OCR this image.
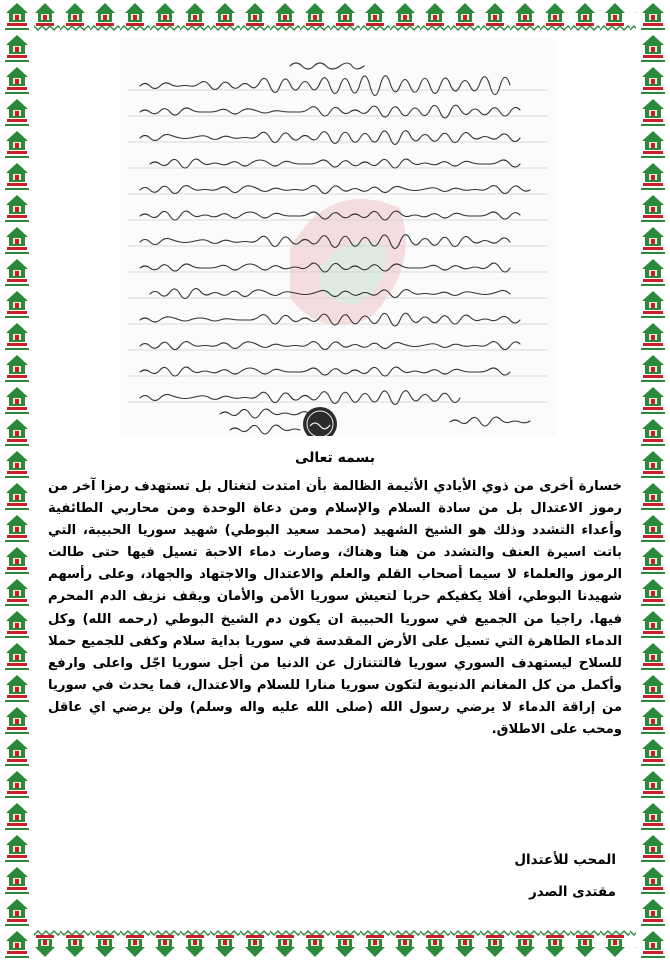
بسمه تعالى

خسارة أخرى من ذوي الأيادي الأثيمة الظالمة بأن امتدت لتغتال بل تستهدف رمزا آخر من رموز الاعتدال بل من سادة السلام والإسلام ومن دعاة الوحدة ومن محاربي الطائفية وأعداء التشدد وذلك هو الشيخ الشهيد (محمد سعيد البوطي) شهيد سوريا الحبيبة، التي باتت اسيرة العنف والتشدد من هنا وهناك، وصارت دماء الاحبة تسيل فيها حتى طالت الرموز والعلماء لا سيما أصحاب القلم والعلم والاعتدال والاجتهاد والجهاد، وعلى رأسهم شهيدنا البوطي، أفلا يكفيكم حربا لتعيش سوريا الأمن والأمان ويقف نزيف الدم المحرم فيها. راجيا من الجميع في سوريا الحبيبة ان يكون دم الشيخ البوطي (رحمه الله) وكل الدماء الطاهرة التي تسيل على الأرض المقدسة في سوريا بداية سلام وكفى للجميع حملا للسلاح ليستهدف السوري سوريا فالتتنازل عن الدنيا من أجل سوريا اجّل واعلى وارفع وأكمل من كل المغانم الدنيوية لتكون سوريا منارا للسلام والاعتدال، فما يحدث في سوريا من إراقة الدماء لا يرضي رسول الله (صلى الله عليه واله وسلم) ولن يرضي اي عاقل ومحب على الاطلاق.

المحب للأعتدال
مقتدى الصدر
